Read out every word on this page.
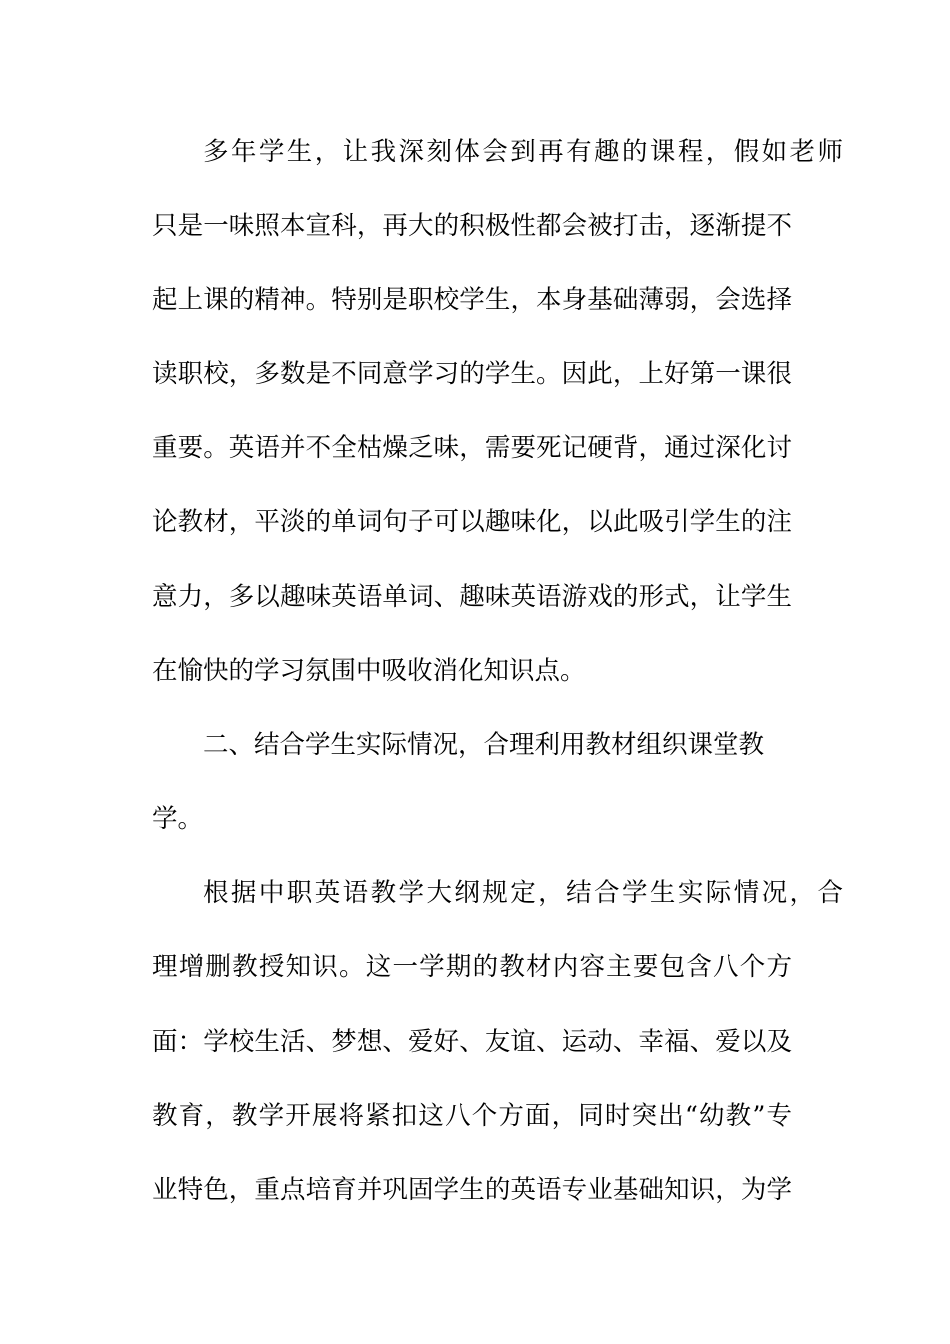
多年学生，让我深刻体会到再有趣的课程，假如老师
只是一味照本宣科，再大的积极性都会被打击，逐渐提不
起上课的精神。特别是职校学生，本身基础薄弱，会选择
读职校，多数是不同意学习的学生。因此，上好第一课很
重要。英语并不全枯燥乏味，需要死记硬背，通过深化讨
论教材，平淡的单词句子可以趣味化，以此吸引学生的注
意力，多以趣味英语单词、趣味英语游戏的形式，让学生
在愉快的学习氛围中吸收消化知识点。
二、结合学生实际情况，合理利用教材组织课堂教
学。
根据中职英语教学大纲规定，结合学生实际情况，合
理增删教授知识。这一学期的教材内容主要包含八个方
面：学校生活、梦想、爱好、友谊、运动、幸福、爱以及
教育，教学开展将紧扣这八个方面，同时突出“幼教”专
业特色，重点培育并巩固学生的英语专业基础知识，为学
